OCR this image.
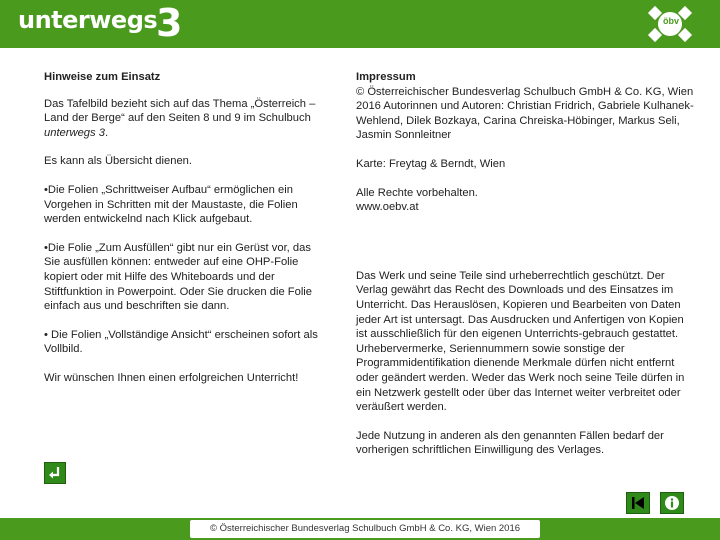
unterwegs
3	öbv
Hinweise zum Einsatz

Das Tafelbild bezieht sich auf das Thema „Österreich – Land der Berge“ auf den Seiten 8 und 9 im Schulbuch unterwegs 3.

Es kann als Übersicht dienen.

•Die Folien „Schrittweiser Aufbau“ ermöglichen ein Vorgehen in Schritten mit der Maustaste, die Folien werden entwickelnd nach Klick aufgebaut.

•Die Folie „Zum Ausfüllen“ gibt nur ein Gerüst vor, das Sie ausfüllen können: entweder auf eine OHP-Folie kopiert oder mit Hilfe des Whiteboards und der Stiftfunktion in Powerpoint. Oder Sie drucken die Folie einfach aus und beschriften sie dann.

• Die Folien „Vollständige Ansicht“ erscheinen sofort als Vollbild.

Wir wünschen Ihnen einen erfolgreichen Unterricht!

Impressum
© Österreichischer Bundesverlag Schulbuch GmbH & Co. KG, Wien 2016 Autorinnen und Autoren: Christian Fridrich, Gabriele Kulhanek-Wehlend, Dilek Bozkaya, Carina Chreiska-Höbinger, Markus Seli, Jasmin Sonnleitner
Karte: Freytag & Berndt, Wien
Alle Rechte vorbehalten.
www.oebv.at
Das Werk und seine Teile sind urheberrechtlich geschützt. Der Verlag gewährt das Recht des Downloads und des Einsatzes im Unterricht. Das Herauslösen, Kopieren und Bearbeiten von Daten jeder Art ist untersagt. Das Ausdrucken und Anfertigen von Kopien ist ausschließlich für den eigenen Unterrichts-gebrauch gestattet. Urhebervermerke, Seriennummern sowie sonstige der Programmidentifikation dienende Merkmale dürfen nicht entfernt oder geändert werden. Weder das Werk noch seine Teile dürfen in ein Netzwerk gestellt oder über das Internet weiter verbreitet oder veräußert werden.
Jede Nutzung in anderen als den genannten Fällen bedarf der vorherigen schriftlichen Einwilligung des Verlages.
© Österreichischer Bundesverlag Schulbuch GmbH & Co. KG, Wien 2016
